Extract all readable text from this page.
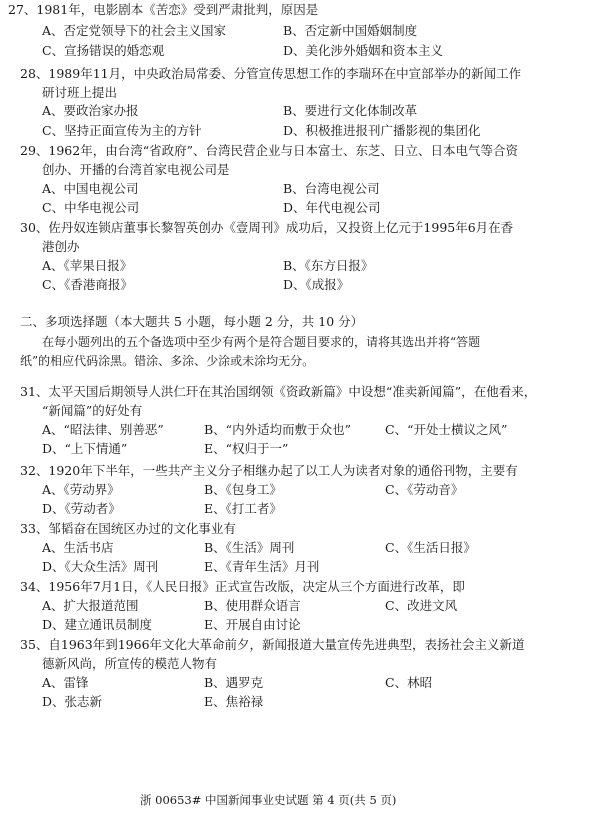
27、1981年，电影剧本《苦恋》受到严肃批判，原因是
A、否定党领导下的社会主义国家	B、否定新中国婚姻制度
C、宣扬错误的婚恋观	D、美化涉外婚姻和资本主义
28、1989年11月，中央政治局常委、分管宣传思想工作的李瑞环在中宣部举办的新闻工作
研讨班上提出
A、要政治家办报	B、要进行文化体制改革
C、坚持正面宣传为主的方针	D、积极推进报刊广播影视的集团化
29、1962年，由台湾“省政府”、台湾民营企业与日本富士、东芝、日立、日本电气等合资
创办、开播的台湾首家电视公司是
A、中国电视公司	B、台湾电视公司
C、中华电视公司	D、年代电视公司
30、佐丹奴连锁店董事长黎智英创办《壹周刊》成功后，又投资上亿元于1995年6月在香
港创办
A、《苹果日报》	B、《东方日报》
C、《香港商报》	D、《成报》
二、多项选择题（本大题共 5 小题，每小题 2 分，共 10 分）
在每小题列出的五个备选项中至少有两个是符合题目要求的，请将其选出并将“答题
纸”的相应代码涂黑。错涂、多涂、少涂或未涂均无分。
31、太平天国后期领导人洪仁玕在其治国纲领《资政新篇》中设想“准卖新闻篇”，在他看来，
“新闻篇”的好处有
A、“昭法律、别善恶”	B、“内外适均而敷于众也”	C、“开处士横议之风”
D、“上下情通”	E、“权归于一”
32、1920年下半年，一些共产主义分子相继办起了以工人为读者对象的通俗刊物，主要有
A、《劳动界》	B、《包身工》	C、《劳动音》
D、《劳动者》	E、《打工者》
33、邹韬奋在国统区办过的文化事业有
A、生活书店	B、《生活》周刊	C、《生活日报》
D、《大众生活》周刊	E、《青年生活》月刊
34、1956年7月1日，《人民日报》正式宣告改版，决定从三个方面进行改革，即
A、扩大报道范围	B、使用群众语言	C、改进文风
D、建立通讯员制度	E、开展自由讨论
35、自1963年到1966年文化大革命前夕，新闻报道大量宣传先进典型，表扬社会主义新道
德新风尚，所宣传的模范人物有
A、雷锋	B、遇罗克	C、林昭
D、张志新	E、焦裕禄
浙 00653# 中国新闻事业史试题 第 4 页(共 5 页)
